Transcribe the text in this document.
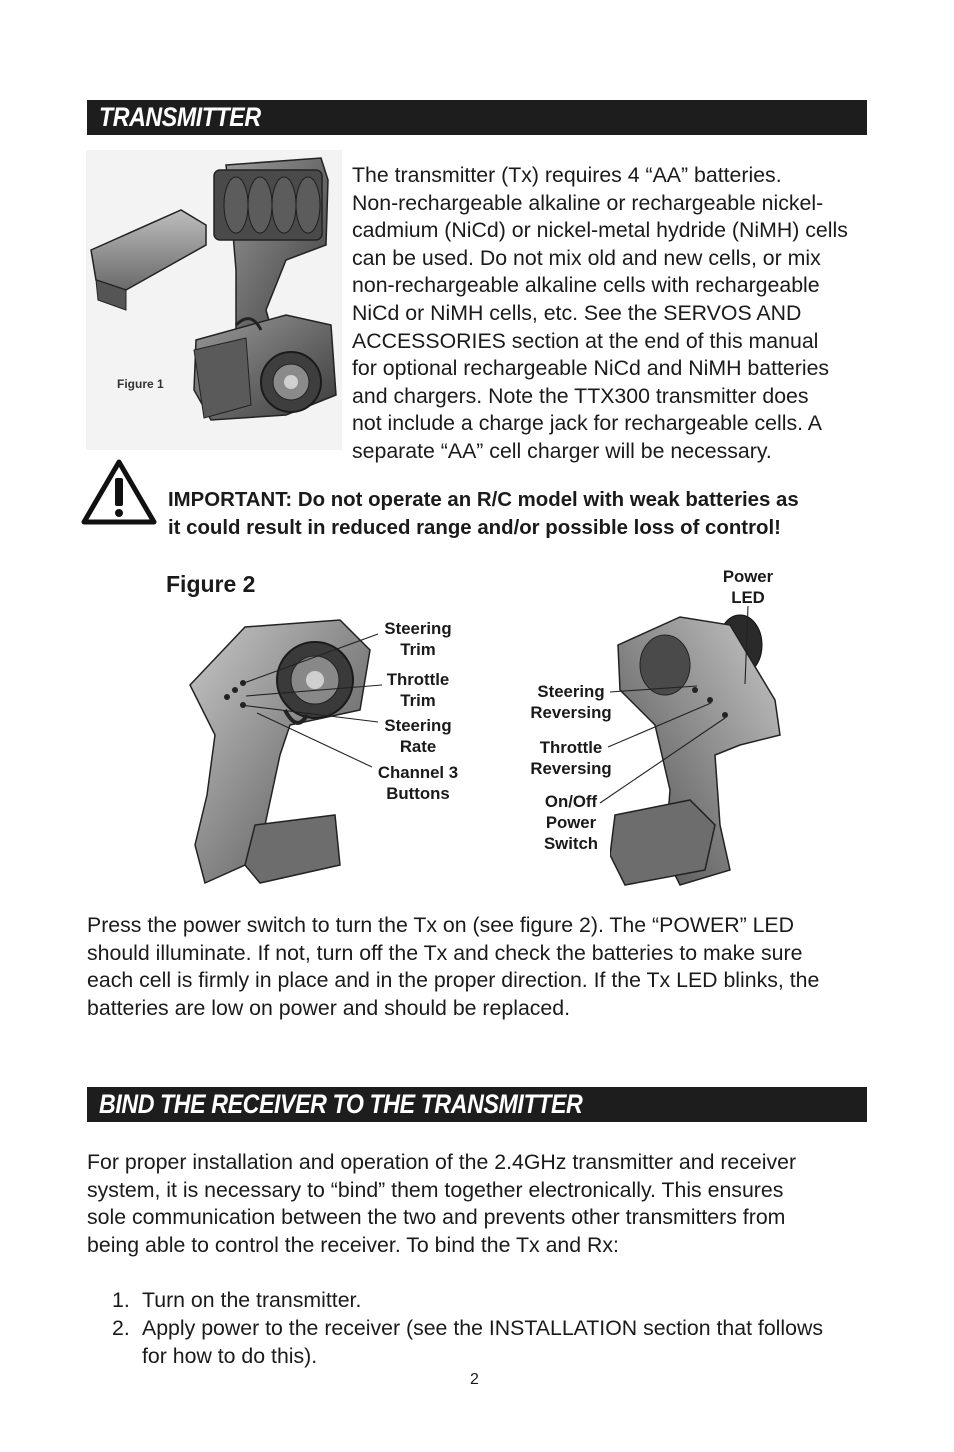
TRANSMITTER
Figure 1
The transmitter (Tx) requires 4 “AA” batteries.
Non-rechargeable alkaline or rechargeable nickel-
cadmium (NiCd) or nickel-metal hydride (NiMH) cells
can be used. Do not mix old and new cells, or mix
non-rechargeable alkaline cells with rechargeable
NiCd or NiMH cells, etc. See the SERVOS AND
ACCESSORIES section at the end of this manual
for optional rechargeable NiCd and NiMH batteries
and chargers. Note the TTX300 transmitter does
not include a charge jack for rechargeable cells. A
separate “AA” cell charger will be necessary.
IMPORTANT: Do not operate an R/C model with weak batteries as
it could result in reduced range and/or possible loss of control!
Figure 2
Steering
Trim
Throttle
Trim
Steering
Rate
Channel 3
Buttons
Power
LED
Steering
Reversing
Throttle
Reversing
On/Off
Power
Switch
Press the power switch to turn the Tx on (see figure 2). The “POWER” LED
should illuminate. If not, turn off the Tx and check the batteries to make sure
each cell is firmly in place and in the proper direction. If the Tx LED blinks, the
batteries are low on power and should be replaced.
BIND THE RECEIVER TO THE TRANSMITTER
For proper installation and operation of the 2.4GHz transmitter and receiver
system, it is necessary to “bind” them together electronically. This ensures
sole communication between the two and prevents other transmitters from
being able to control the receiver. To bind the Tx and Rx:
1. Turn on the transmitter.
2. Apply power to the receiver (see the INSTALLATION section that follows
for how to do this).
2
